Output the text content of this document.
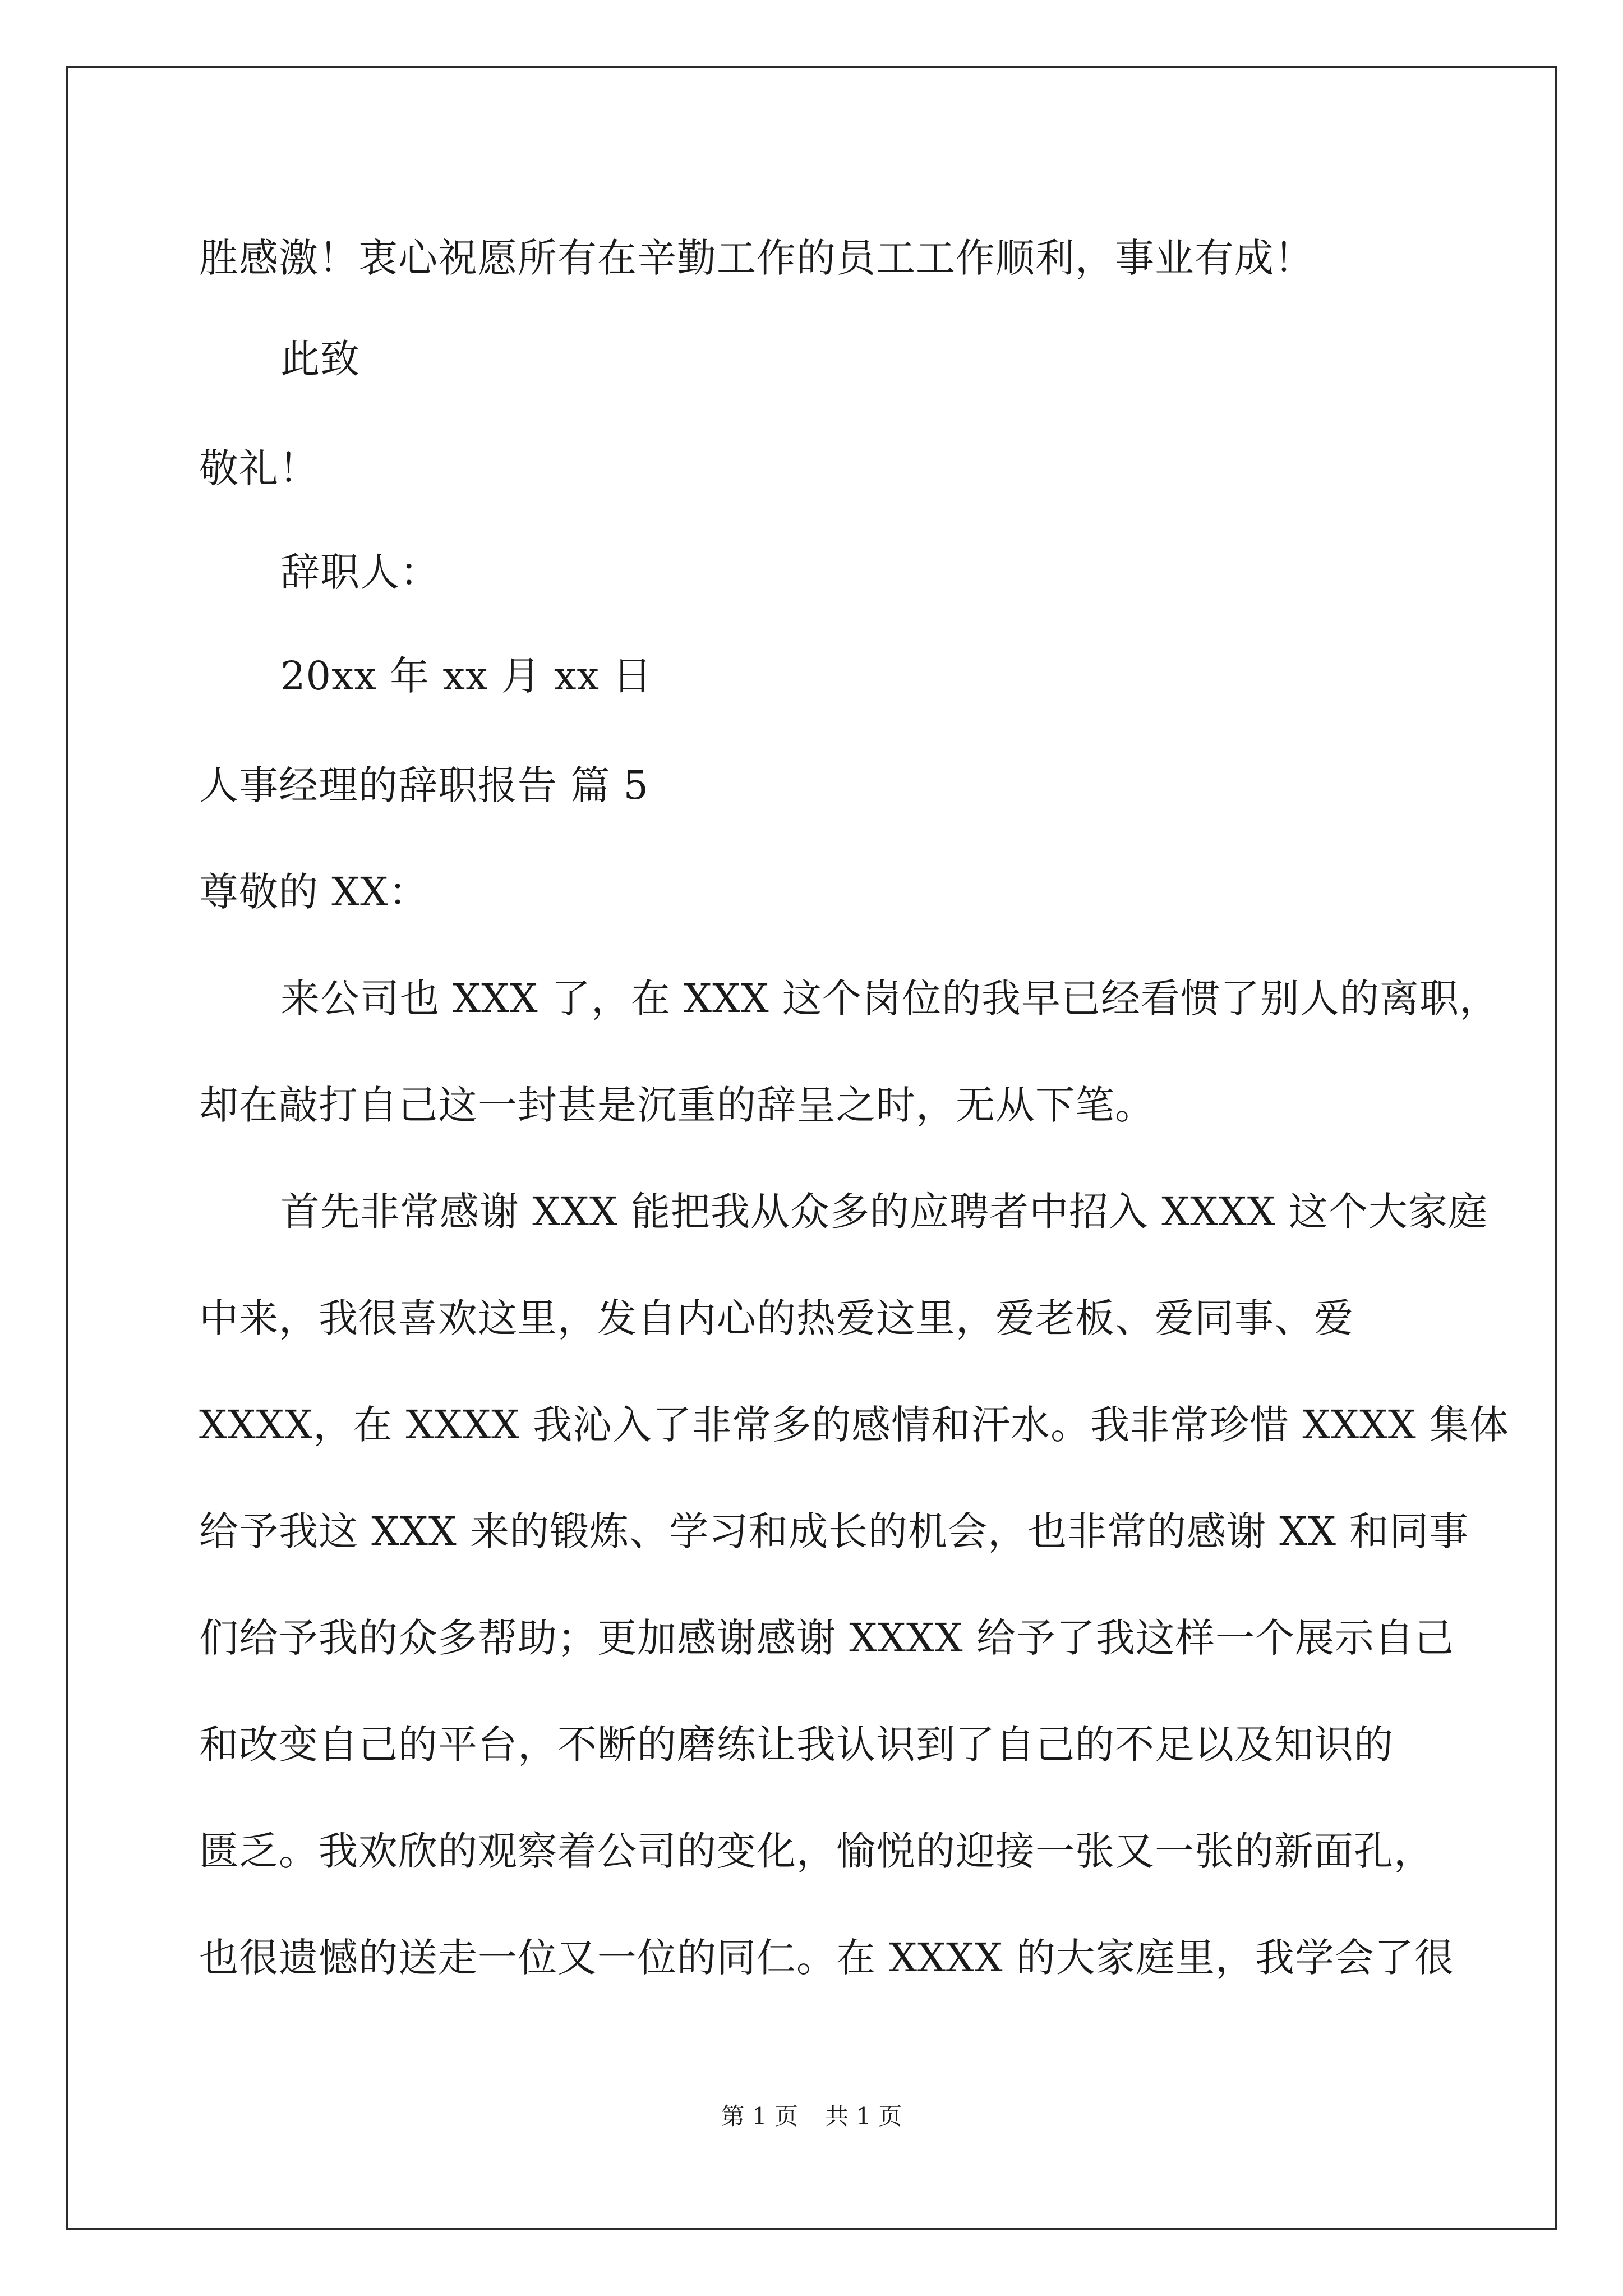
胜感激！衷心祝愿所有在辛勤工作的员工工作顺利，事业有成！
此致
敬礼！
辞职人：
20xx 年 xx 月 xx 日
人事经理的辞职报告 篇 5
尊敬的 XX：
来公司也 XXX 了，在 XXX 这个岗位的我早已经看惯了别人的离职，
却在敲打自己这一封甚是沉重的辞呈之时，无从下笔。
首先非常感谢 XXX 能把我从众多的应聘者中招入 XXXX 这个大家庭
中来，我很喜欢这里，发自内心的热爱这里，爱老板、爱同事、爱
XXXX，在 XXXX 我沁入了非常多的感情和汗水。我非常珍惜 XXXX 集体
给予我这 XXX 来的锻炼、学习和成长的机会，也非常的感谢 XX 和同事
们给予我的众多帮助；更加感谢感谢 XXXX 给予了我这样一个展示自己
和改变自己的平台，不断的磨练让我认识到了自己的不足以及知识的
匮乏。我欢欣的观察着公司的变化，愉悦的迎接一张又一张的新面孔，
也很遗憾的送走一位又一位的同仁。在 XXXX 的大家庭里，我学会了很
第 1 页 共 1 页
